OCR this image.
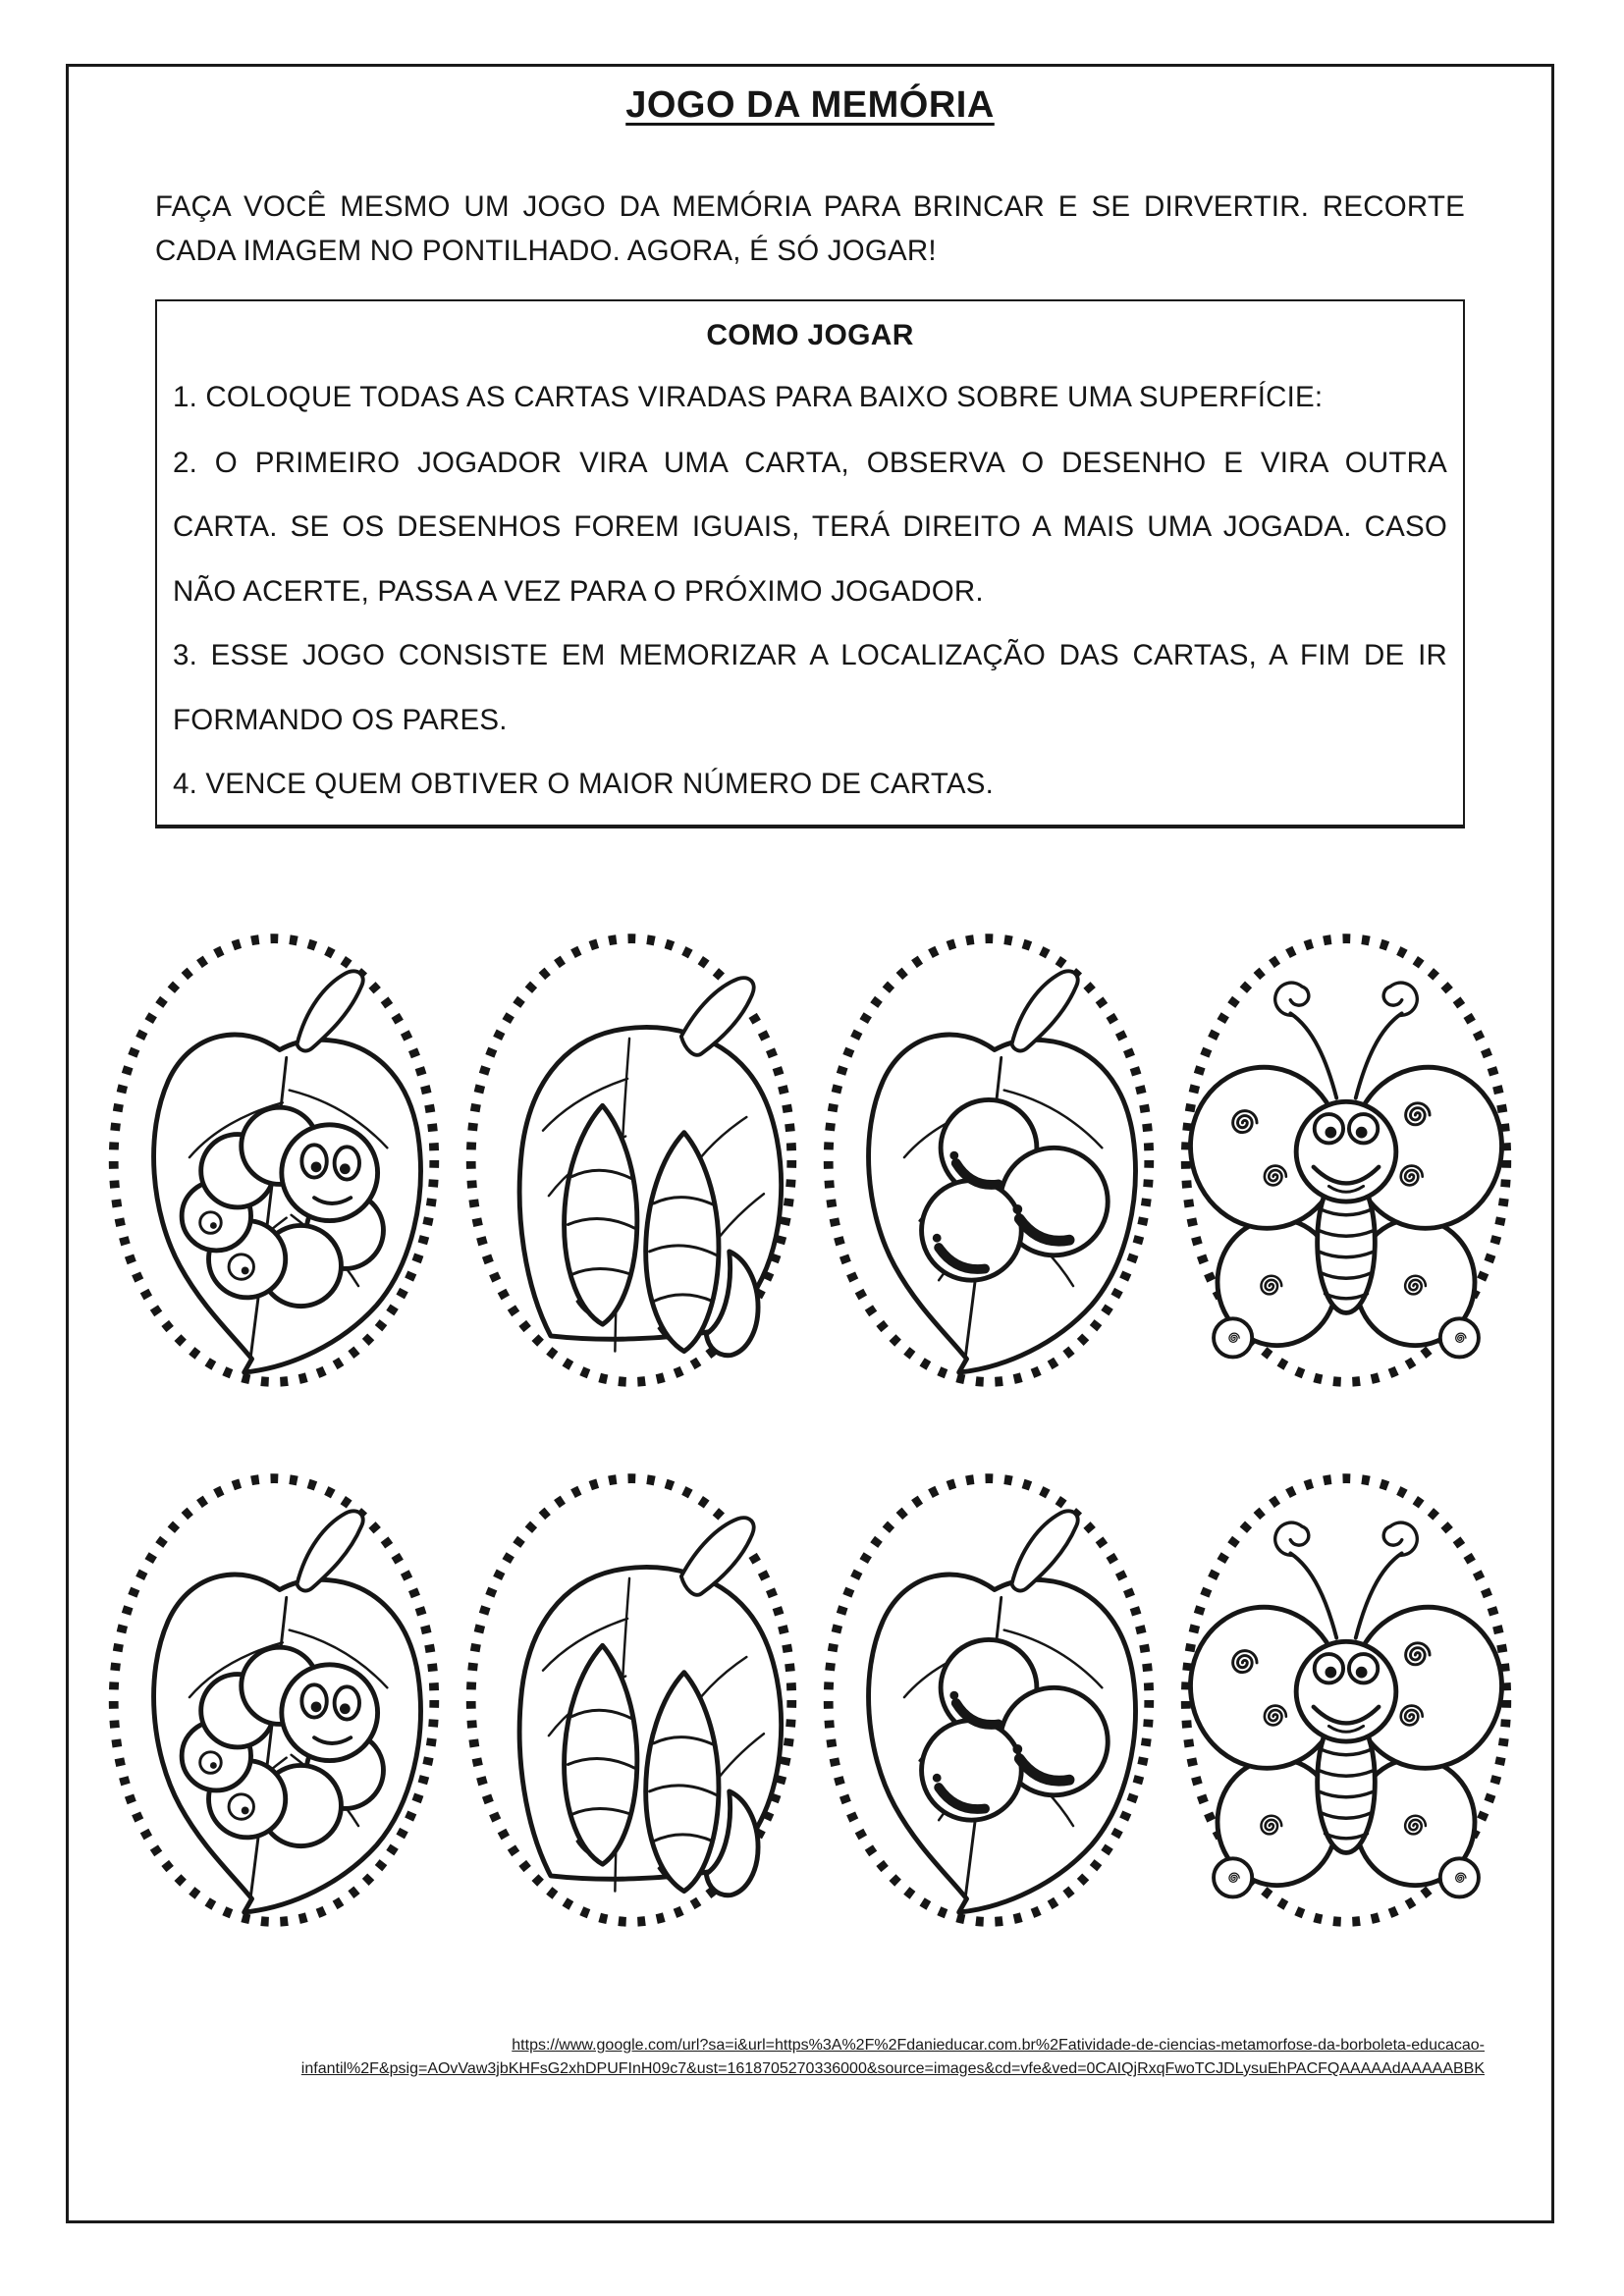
JOGO DA MEMÓRIA

FAÇA VOCÊ MESMO UM JOGO DA MEMÓRIA PARA BRINCAR E SE DIRVERTIR. RECORTE CADA IMAGEM NO PONTILHADO. AGORA, É SÓ JOGAR!

COMO JOGAR

1. COLOQUE TODAS AS CARTAS VIRADAS PARA BAIXO SOBRE UMA SUPERFÍCIE:

2. O PRIMEIRO JOGADOR VIRA UMA CARTA, OBSERVA O DESENHO E VIRA OUTRA CARTA. SE OS DESENHOS FOREM IGUAIS, TERÁ DIREITO A MAIS UMA JOGADA. CASO NÃO ACERTE, PASSA A VEZ PARA O PRÓXIMO JOGADOR.

3. ESSE JOGO CONSISTE EM MEMORIZAR A LOCALIZAÇÃO DAS CARTAS, A FIM DE IR FORMANDO OS PARES.

4. VENCE QUEM OBTIVER O MAIOR NÚMERO DE CARTAS.

https://www.google.com/url?sa=i&url=https%3A%2F%2Fdanieducar.com.br%2Fatividade-de-ciencias-metamorfose-da-borboleta-educacao-
infantil%2F&psig=AOvVaw3jbKHFsG2xhDPUFInH09c7&ust=1618705270336000&source=images&cd=vfe&ved=0CAIQjRxqFwoTCJDLysuEhPACFQAAAAAdAAAAABBK
